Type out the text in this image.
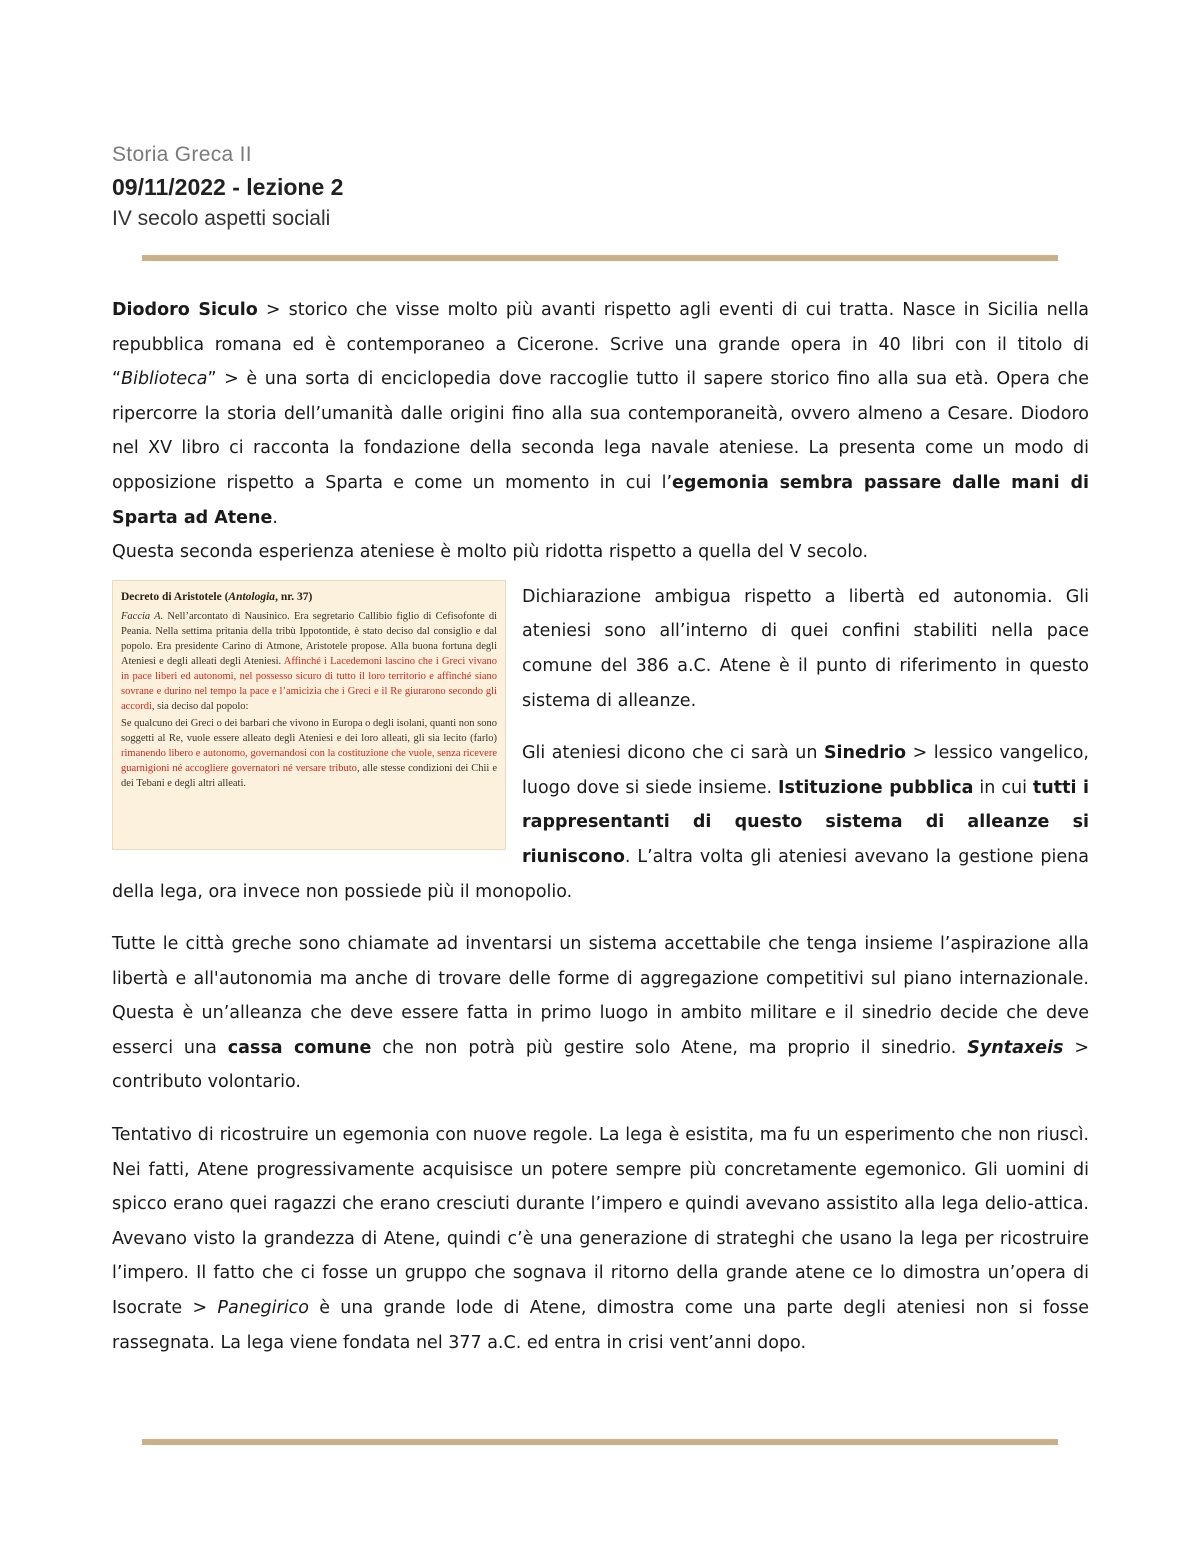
Storia Greca II
09/11/2022 - lezione 2
IV secolo aspetti sociali

Diodoro Siculo > storico che visse molto più avanti rispetto agli eventi di cui tratta. Nasce in Sicilia nella repubblica romana ed è contemporaneo a Cicerone. Scrive una grande opera in 40 libri con il titolo di “Biblioteca” > è una sorta di enciclopedia dove raccoglie tutto il sapere storico fino alla sua età. Opera che ripercorre la storia dell’umanità dalle origini fino alla sua contemporaneità, ovvero almeno a Cesare. Diodoro nel XV libro ci racconta la fondazione della seconda lega navale ateniese. La presenta come un modo di opposizione rispetto a Sparta e come un momento in cui l’egemonia sembra passare dalle mani di Sparta ad Atene.

Questa seconda esperienza ateniese è molto più ridotta rispetto a quella del V secolo.

Decreto di Aristotele (Antologia, nr. 37)

Faccia A. Nell’arcontato di Nausinico. Era segretario Callibio figlio di Cefisofonte di Peania. Nella settima pritania della tribù Ippotontide, è stato deciso dal consiglio e dal popolo. Era presidente Carino di Atmone, Aristotele propose. Alla buona fortuna degli Ateniesi e degli alleati degli Ateniesi. Affinché i Lacedemoni lascino che i Greci vivano in pace liberi ed autonomi, nel possesso sicuro di tutto il loro territorio e affinché siano sovrane e durino nel tempo la pace e l’amicizia che i Greci e il Re giurarono secondo gli accordi, sia deciso dal popolo:

Se qualcuno dei Greci o dei barbari che vivono in Europa o degli isolani, quanti non sono soggetti al Re, vuole essere alleato degli Ateniesi e dei loro alleati, gli sia lecito (farlo) rimanendo libero e autonomo, governandosi con la costituzione che vuole, senza ricevere guarnigioni né accogliere governatori né versare tributo, alle stesse condizioni dei Chii e dei Tebani e degli altri alleati.

Dichiarazione ambigua rispetto a libertà ed autonomia. Gli ateniesi sono all’interno di quei confini stabiliti nella pace comune del 386 a.C. Atene è il punto di riferimento in questo sistema di alleanze.

Gli ateniesi dicono che ci sarà un Sinedrio > lessico vangelico, luogo dove si siede insieme. Istituzione pubblica in cui tutti i rappresentanti di questo sistema di alleanze si riuniscono. L’altra volta gli ateniesi avevano la gestione piena della lega, ora invece non possiede più il monopolio.

Tutte le città greche sono chiamate ad inventarsi un sistema accettabile che tenga insieme l’aspirazione alla libertà e all'autonomia ma anche di trovare delle forme di aggregazione competitivi sul piano internazionale. Questa è un’alleanza che deve essere fatta in primo luogo in ambito militare e il sinedrio decide che deve esserci una cassa comune che non potrà più gestire solo Atene, ma proprio il sinedrio. Syntaxeis > contributo volontario.

Tentativo di ricostruire un egemonia con nuove regole. La lega è esistita, ma fu un esperimento che non riuscì. Nei fatti, Atene progressivamente acquisisce un potere sempre più concretamente egemonico. Gli uomini di spicco erano quei ragazzi che erano cresciuti durante l’impero e quindi avevano assistito alla lega delio-attica. Avevano visto la grandezza di Atene, quindi c’è una generazione di strateghi che usano la lega per ricostruire l’impero. Il fatto che ci fosse un gruppo che sognava il ritorno della grande atene ce lo dimostra un’opera di Isocrate > Panegirico è una grande lode di Atene, dimostra come una parte degli ateniesi non si fosse rassegnata. La lega viene fondata nel 377 a.C. ed entra in crisi vent’anni dopo.
